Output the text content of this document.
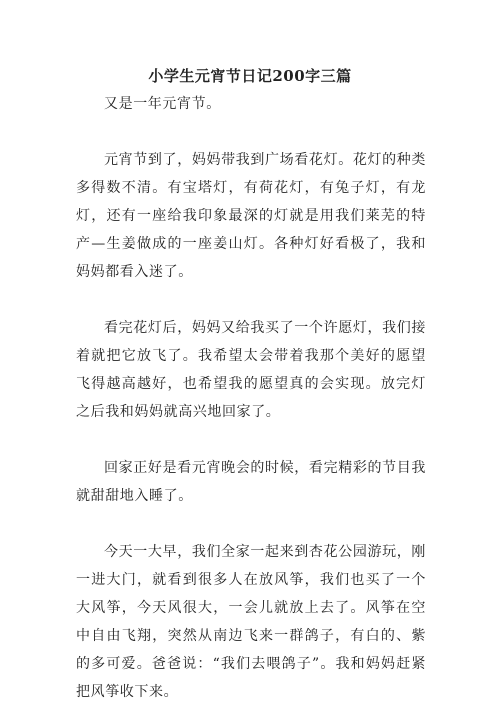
小学生元宵节日记200字三篇

又是一年元宵节。

元宵节到了，妈妈带我到广场看花灯。花灯的种类多得数不清。有宝塔灯，有荷花灯，有兔子灯，有龙灯，还有一座给我印象最深的灯就是用我们莱芜的特产—生姜做成的一座姜山灯。各种灯好看极了，我和妈妈都看入迷了。

看完花灯后，妈妈又给我买了一个许愿灯，我们接着就把它放飞了。我希望太会带着我那个美好的愿望飞得越高越好，也希望我的愿望真的会实现。放完灯之后我和妈妈就高兴地回家了。

回家正好是看元宵晚会的时候，看完精彩的节目我就甜甜地入睡了。

今天一大早，我们全家一起来到杏花公园游玩，刚一进大门，就看到很多人在放风筝，我们也买了一个大风筝，今天风很大，一会儿就放上去了。风筝在空中自由飞翔，突然从南边飞来一群鸽子，有白的、紫的多可爱。爸爸说：“我们去喂鸽子”。我和妈妈赶紧把风筝收下来。
